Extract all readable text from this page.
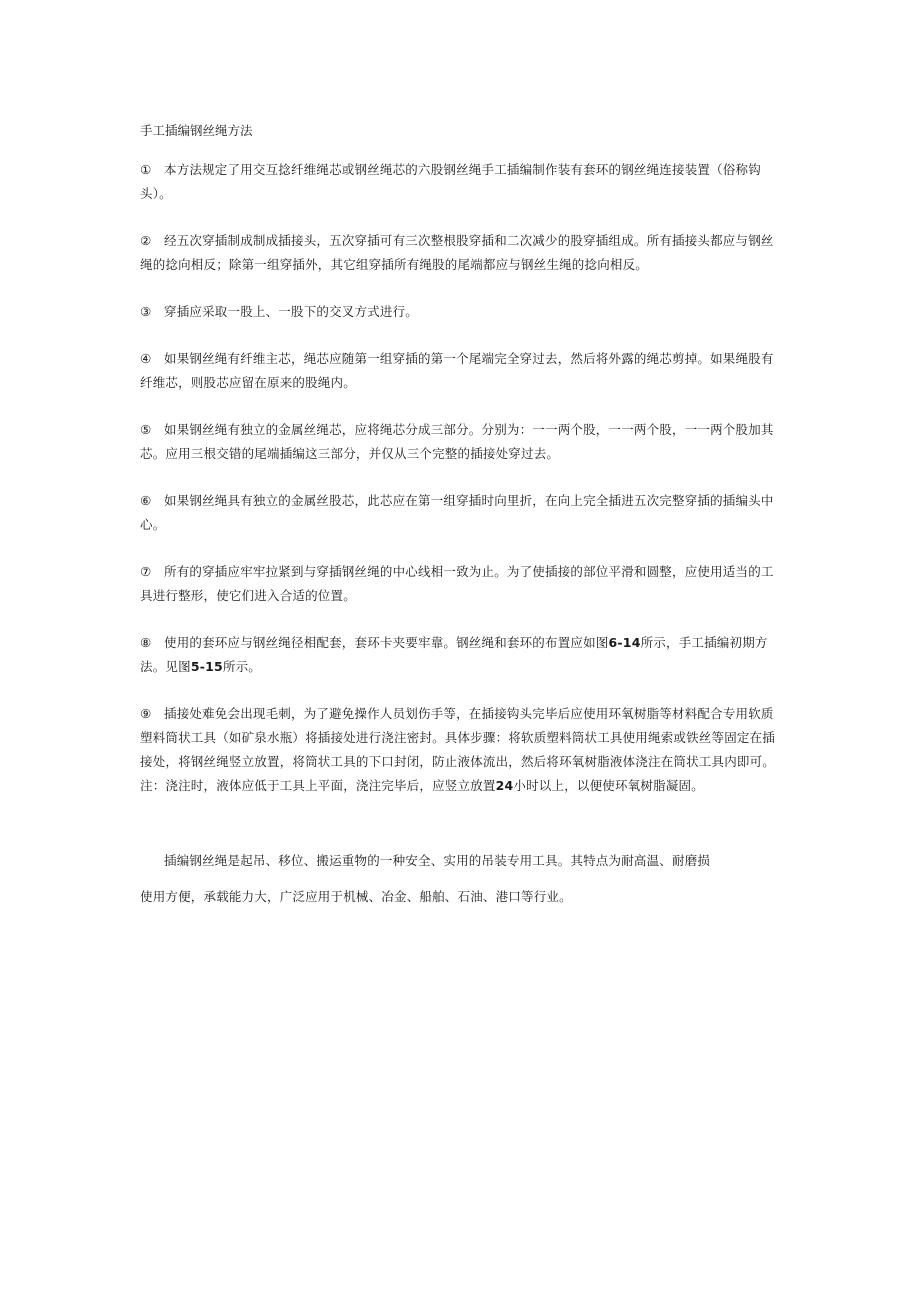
手工插编钢丝绳方法

① 本方法规定了用交互捻纤维绳芯或钢丝绳芯的六股钢丝绳手工插编制作装有套环的钢丝绳连接装置（俗称钩头）。

② 经五次穿插制成制成插接头，五次穿插可有三次整根股穿插和二次减少的股穿插组成。所有插接头都应与钢丝绳的捻向相反；除第一组穿插外，其它组穿插所有绳股的尾端都应与钢丝生绳的捻向相反。

③ 穿插应采取一股上、一股下的交叉方式进行。

④ 如果钢丝绳有纤维主芯，绳芯应随第一组穿插的第一个尾端完全穿过去，然后将外露的绳芯剪掉。如果绳股有纤维芯，则股芯应留在原来的股绳内。

⑤ 如果钢丝绳有独立的金属丝绳芯，应将绳芯分成三部分。分别为：一一两个股，一一两个股，一一两个股加其芯。应用三根交错的尾端插编这三部分，并仅从三个完整的插接处穿过去。

⑥ 如果钢丝绳具有独立的金属丝股芯，此芯应在第一组穿插时向里折，在向上完全插进五次完整穿插的插编头中心。

⑦ 所有的穿插应牢牢拉紧到与穿插钢丝绳的中心线相一致为止。为了使插接的部位平滑和圆整，应使用适当的工具进行整形，使它们进入合适的位置。

⑧ 使用的套环应与钢丝绳径相配套，套环卡夹要牢靠。钢丝绳和套环的布置应如图6-14所示，手工插编初期方法。见图5-15所示。

⑨ 插接处难免会出现毛刺，为了避免操作人员划伤手等，在插接钩头完毕后应使用环氧树脂等材料配合专用软质塑料筒状工具（如矿泉水瓶）将插接处进行浇注密封。具体步骤：将软质塑料筒状工具使用绳索或铁丝等固定在插接处，将钢丝绳竖立放置，将筒状工具的下口封闭，防止液体流出，然后将环氧树脂液体浇注在筒状工具内即可。注：浇注时，液体应低于工具上平面，浇注完毕后，应竖立放置24小时以上，以便使环氧树脂凝固。

插编钢丝绳是起吊、移位、搬运重物的一种安全、实用的吊装专用工具。其特点为耐高温、耐磨损

使用方便，承载能力大，广泛应用于机械、冶金、船舶、石油、港口等行业。
